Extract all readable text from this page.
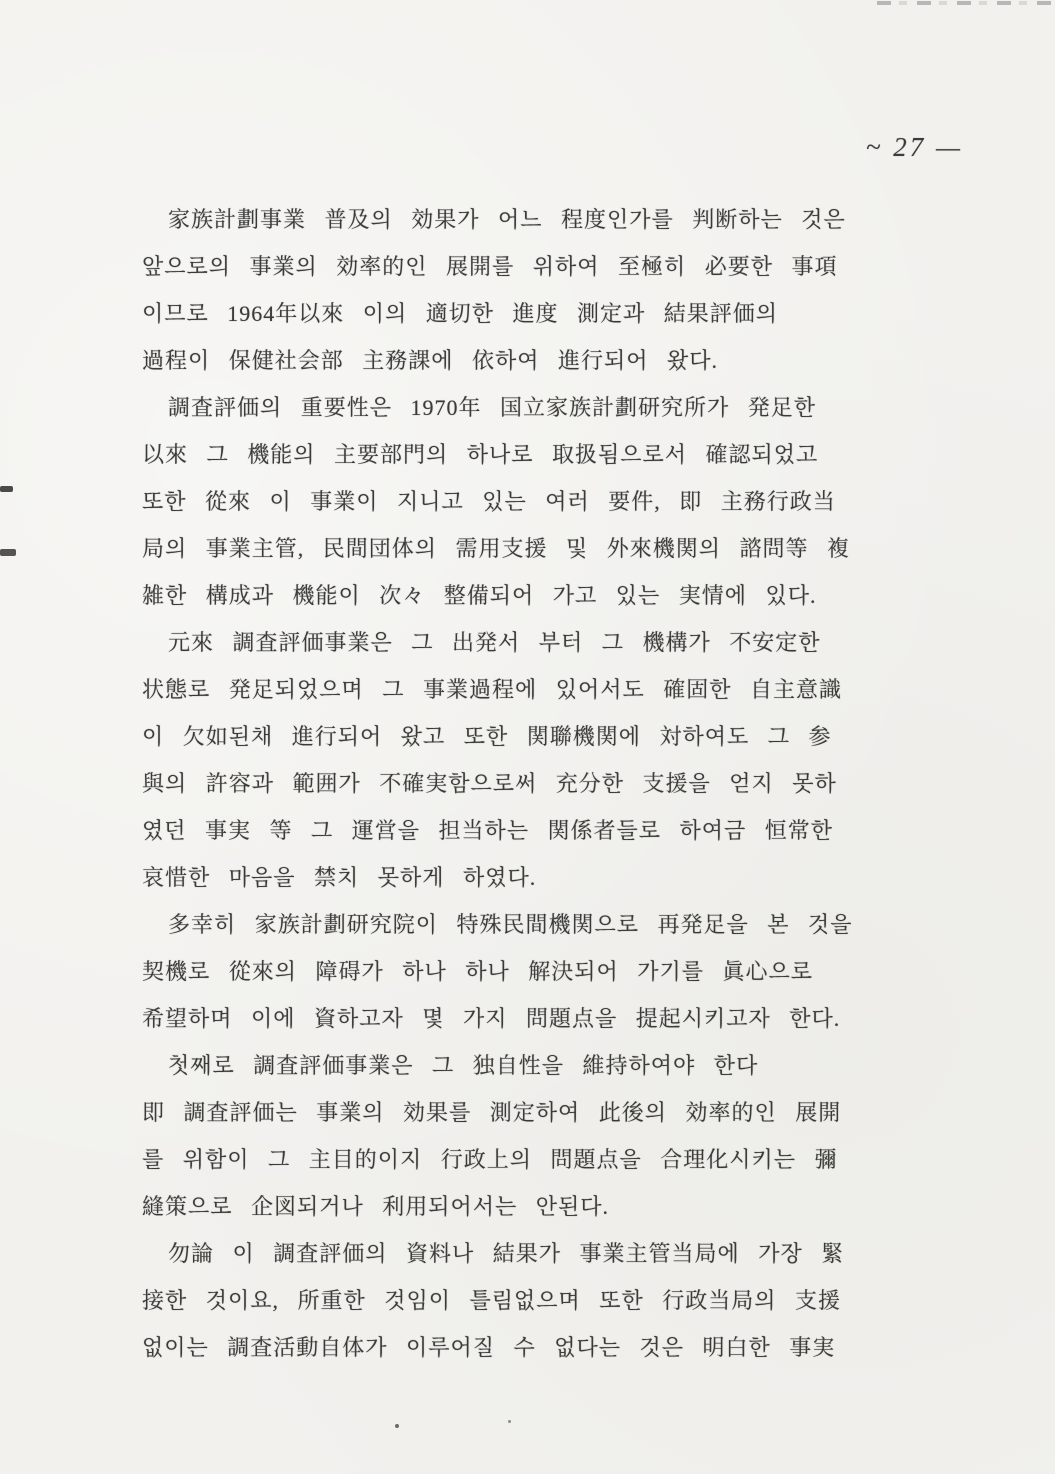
~ 27 —
家族計劃事業 普及의 効果가 어느 程度인가를 判断하는 것은
앞으로의 事業의 効率的인 展開를 위하여 至極히 必要한 事項
이므로 1964年以來 이의 適切한 進度 測定과 結果評価의
過程이 保健社会部 主務課에 依하여 進行되어 왔다.
調査評価의 重要性은 1970年 国立家族計劃研究所가 発足한
以來 그 機能의 主要部門의 하나로 取扱됨으로서 確認되었고
또한 從來 이 事業이 지니고 있는 여러 要件, 即 主務行政当
局의 事業主管, 民間団体의 需用支援 및 外來機関의 諮問等 複
雑한 構成과 機能이 次々 整備되어 가고 있는 実情에 있다.
元來 調査評価事業은 그 出発서 부터 그 機構가 不安定한
状態로 発足되었으며 그 事業過程에 있어서도 確固한 自主意識
이 欠如된채 進行되어 왔고 또한 関聯機関에 対하여도 그 参
與의 許容과 範囲가 不確実함으로써 充分한 支援을 얻지 못하
였던 事実 等 그 運営을 担当하는 関係者들로 하여금 恒常한
哀惜한 마음을 禁치 못하게 하였다.
多幸히 家族計劃研究院이 特殊民間機関으로 再発足을 본 것을
契機로 從來의 障碍가 하나 하나 解決되어 가기를 眞心으로
希望하며 이에 資하고자 몇 가지 問題点을 提起시키고자 한다.
첫째로 調査評価事業은 그 独自性을 維持하여야 한다
即 調査評価는 事業의 効果를 測定하여 此後의 効率的인 展開
를 위함이 그 主目的이지 行政上의 問題点을 合理化시키는 彌
縫策으로 企図되거나 利用되어서는 안된다.
勿論 이 調査評価의 資料나 結果가 事業主管当局에 가장 緊
接한 것이요, 所重한 것임이 틀림없으며 또한 行政当局의 支援
없이는 調査活動自体가 이루어질 수 없다는 것은 明白한 事実
